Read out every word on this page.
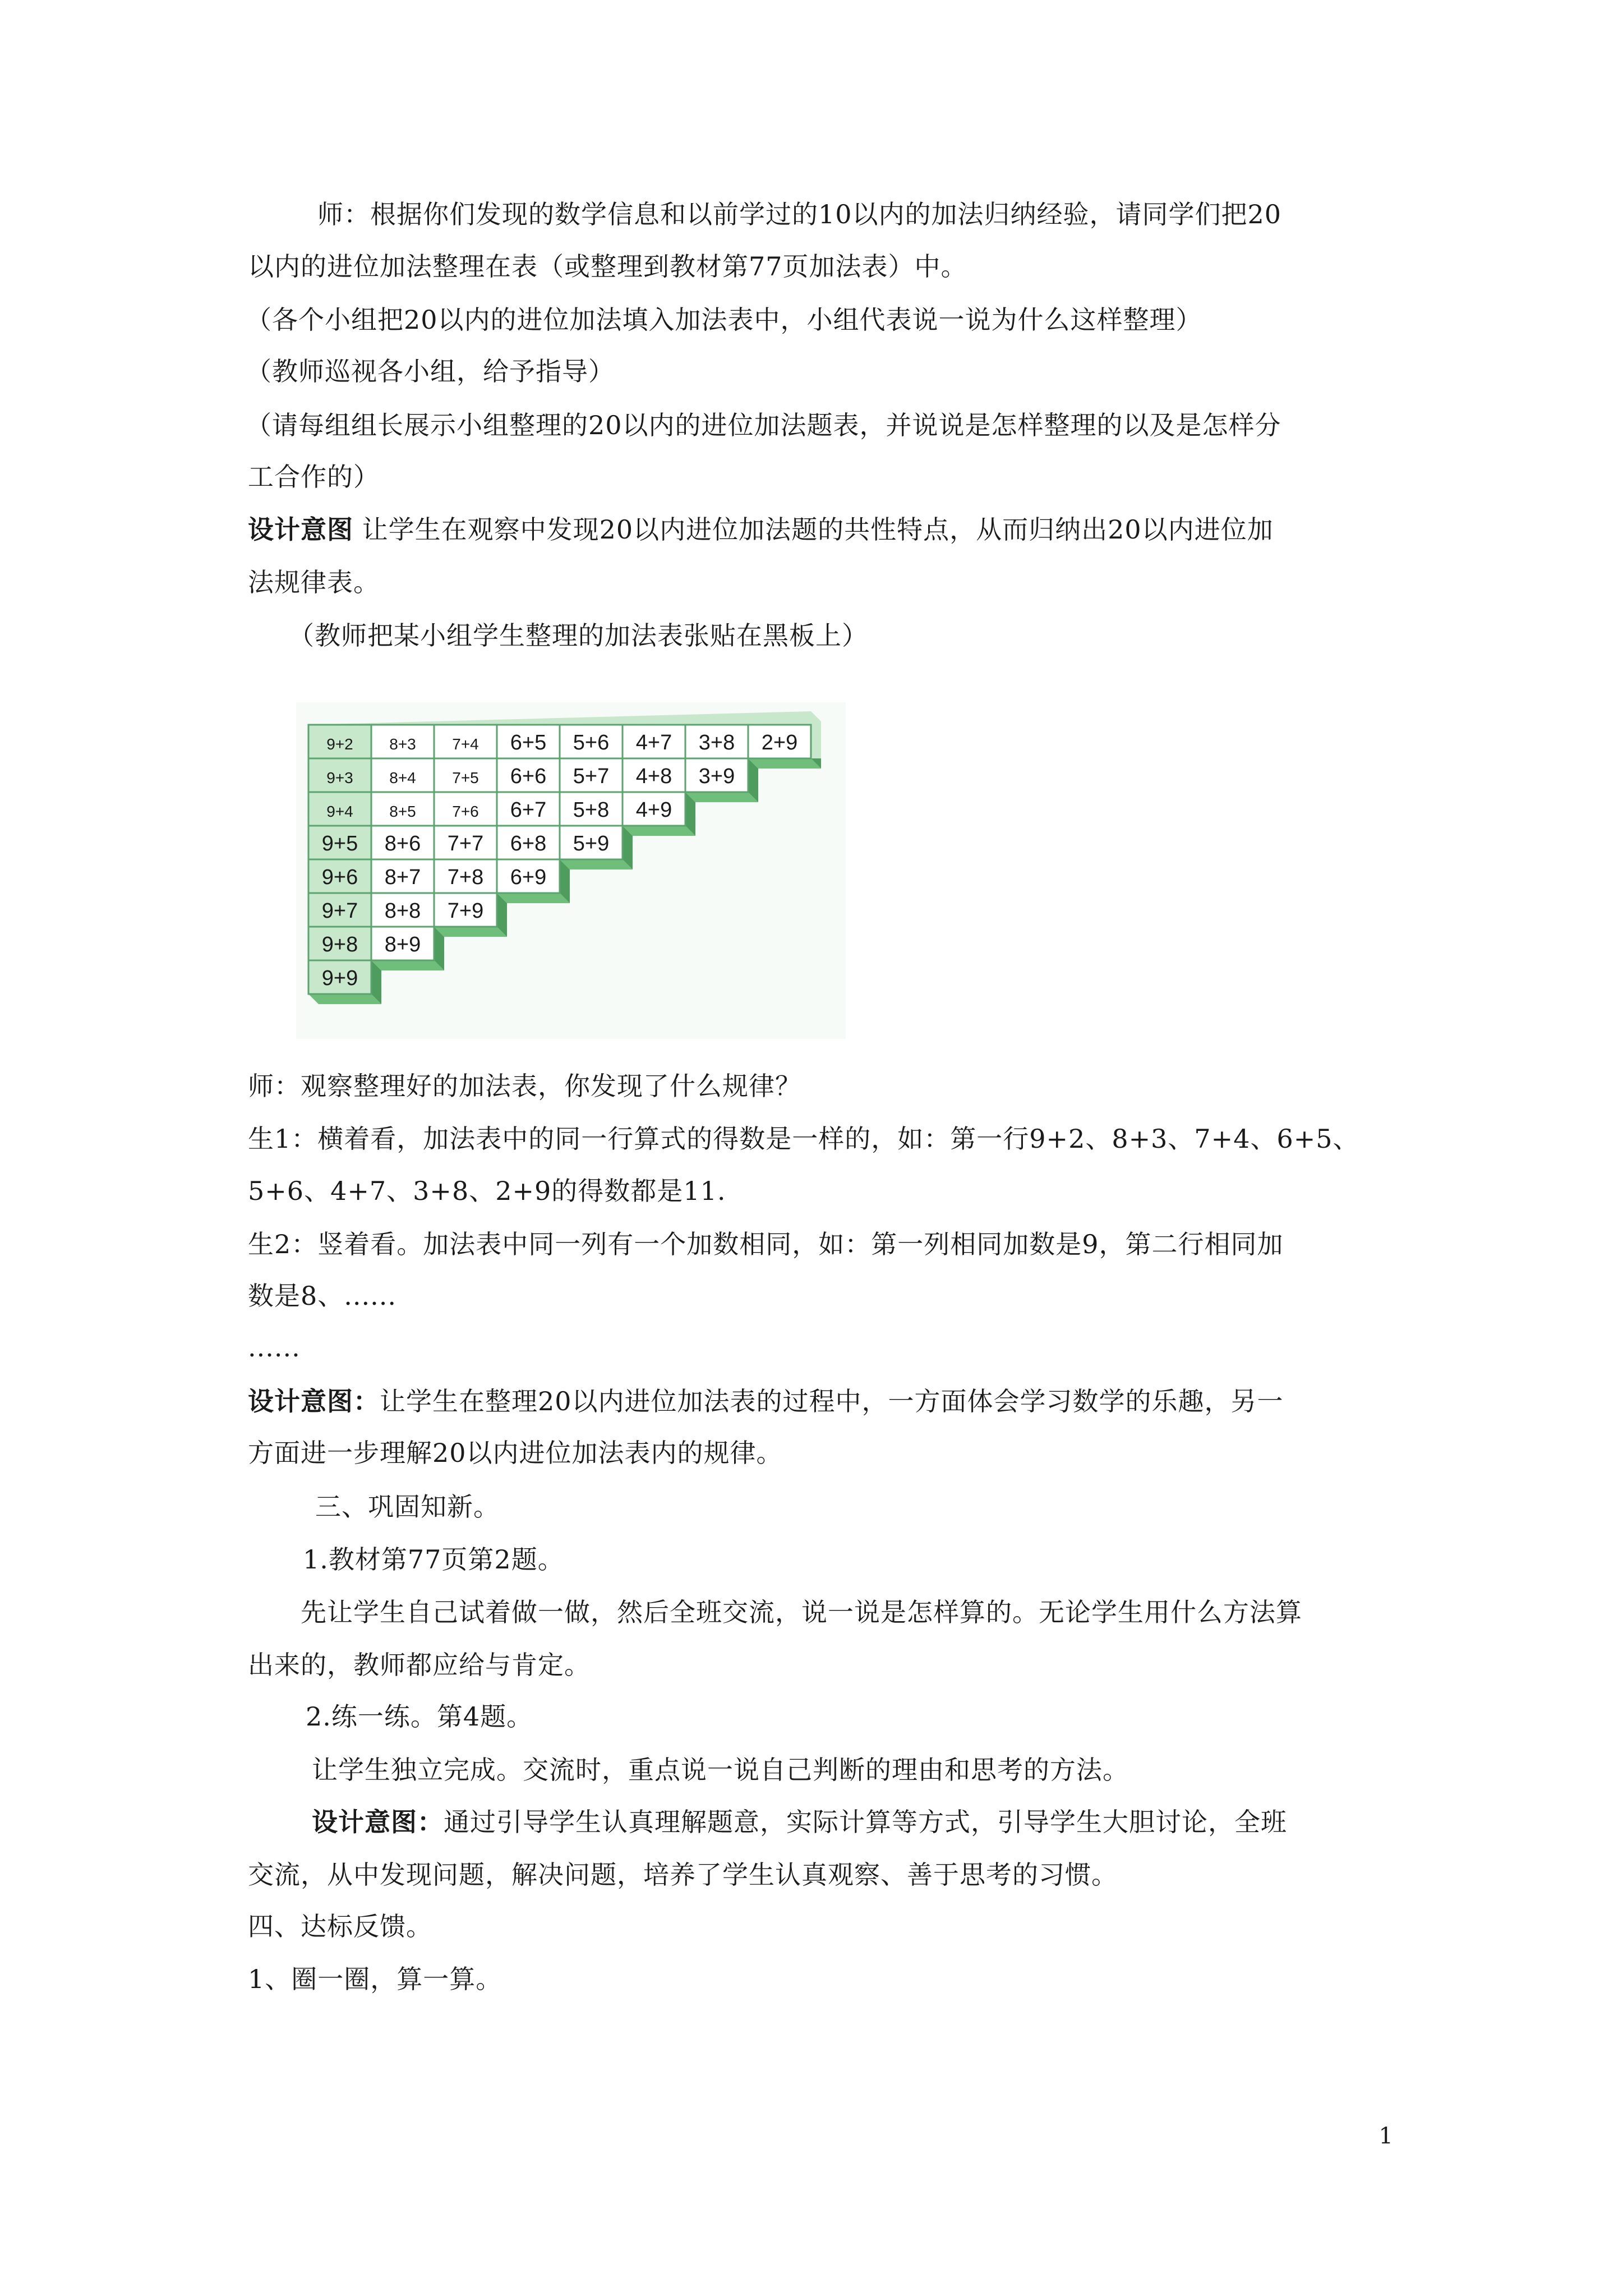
师：根据你们发现的数学信息和以前学过的10以内的加法归纳经验，请同学们把20
以内的进位加法整理在表（或整理到教材第77页加法表）中。
（各个小组把20以内的进位加法填入加法表中，小组代表说一说为什么这样整理）
（教师巡视各小组，给予指导）
（请每组组长展示小组整理的20以内的进位加法题表，并说说是怎样整理的以及是怎样分
工合作的）
设计意图 让学生在观察中发现20以内进位加法题的共性特点，从而归纳出20以内进位加
法规律表。
（教师把某小组学生整理的加法表张贴在黑板上）
9+2
9+3
9+4
9+5
9+6
9+7
9+8
9+9
8+3
8+4
8+5
8+6
8+7
8+8
8+9
7+4
7+5
7+6
7+7
7+8
7+9
6+5
6+6
6+7
6+8
6+9
5+6
5+7
5+8
5+9
4+7
4+8
4+9
3+8
3+9
2+9
师：观察整理好的加法表，你发现了什么规律？
生1：横着看，加法表中的同一行算式的得数是一样的，如：第一行9+2、8+3、7+4、6+5、
5+6、4+7、3+8、2+9的得数都是11.
生2：竖着看。加法表中同一列有一个加数相同，如：第一列相同加数是9，第二行相同加
数是8、......
......
设计意图：让学生在整理20以内进位加法表的过程中，一方面体会学习数学的乐趣，另一
方面进一步理解20以内进位加法表内的规律。
三、巩固知新。
1.教材第77页第2题。
先让学生自己试着做一做，然后全班交流，说一说是怎样算的。无论学生用什么方法算
出来的，教师都应给与肯定。
2.练一练。第4题。
让学生独立完成。交流时，重点说一说自己判断的理由和思考的方法。
设计意图：通过引导学生认真理解题意，实际计算等方式，引导学生大胆讨论，全班
交流，从中发现问题，解决问题，培养了学生认真观察、善于思考的习惯。
四、达标反馈。
1、圈一圈，算一算。
1
